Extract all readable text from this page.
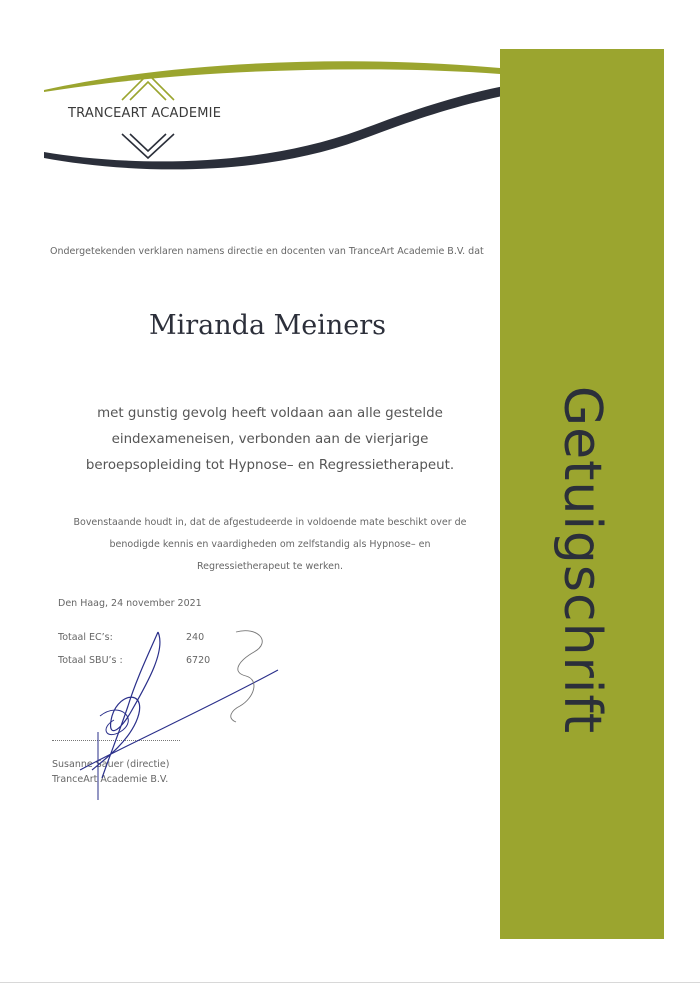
TRANCEART ACADEMIE
Getuigschrift
Ondergetekenden verklaren namens directie en docenten van TranceArt Academie B.V. dat
Miranda Meiners
met gunstig gevolg heeft voldaan aan alle gestelde
eindexameneisen, verbonden aan de vierjarige
beroepsopleiding tot Hypnose– en Regressietherapeut.
Bovenstaande houdt in, dat de afgestudeerde in voldoende mate beschikt over de
benodigde kennis en vaardigheden om zelfstandig als Hypnose– en
Regressietherapeut te werken.
Den Haag, 24 november 2021
Totaal EC’s:	240
Totaal SBU’s :	6720
Susanne Sauer (directie)
TranceArt Academie B.V.
